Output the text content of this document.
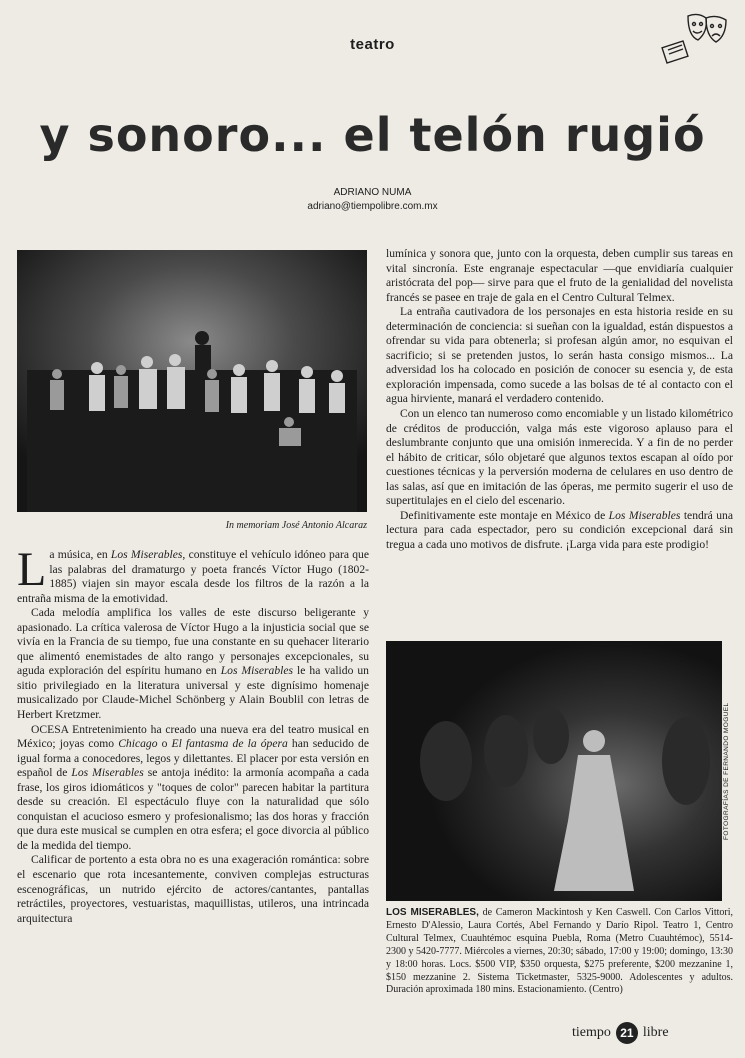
teatro
y sonoro... el telón rugió
ADRIANO NUMA
adriano@tiempolibre.com.mx
In memoriam José Antonio Alcaraz
FOTOGRAFÍAS DE FERNANDO MOGUEL

La música, en Los Miserables, constituye el vehículo idóneo para que las palabras del dramaturgo y poeta francés Víctor Hugo (1802-1885) viajen sin mayor escala desde los filtros de la razón a la entraña misma de la emotividad.

Cada melodía amplifica los valles de este discurso beligerante y apasionado. La crítica valerosa de Víctor Hugo a la injusticia social que se vivía en la Francia de su tiempo, fue una constante en su quehacer literario que alimentó enemistades de alto rango y personajes excepcionales, su aguda exploración del espíritu humano en Los Miserables le ha valido un sitio privilegiado en la literatura universal y este dignísimo homenaje musicalizado por Claude-Michel Schönberg y Alain Boublil con letras de Herbert Kretzmer.

OCESA Entretenimiento ha creado una nueva era del teatro musical en México; joyas como Chicago o El fantasma de la ópera han seducido de igual forma a conocedores, legos y dilettantes. El placer por esta versión en español de Los Miserables se antoja inédito: la armonía acompaña a cada frase, los giros idiomáticos y "toques de color" parecen habitar la partitura desde su creación. El espectáculo fluye con la naturalidad que sólo conquistan el acucioso esmero y profesionalismo; las dos horas y fracción que dura este musical se cumplen en otra esfera; el goce divorcia al público de la medida del tiempo.

Calificar de portento a esta obra no es una exageración romántica: sobre el escenario que rota incesantemente, conviven complejas estructuras escenográficas, un nutrido ejército de actores/cantantes, pantallas retráctiles, proyectores, vestuaristas, maquillistas, utileros, una intrincada arquitectura

lumínica y sonora que, junto con la orquesta, deben cumplir sus tareas en vital sincronía. Este engranaje espectacular —que envidiaría cualquier aristócrata del pop— sirve para que el fruto de la genialidad del novelista francés se pasee en traje de gala en el Centro Cultural Telmex.

La entraña cautivadora de los personajes en esta historia reside en su determinación de conciencia: si sueñan con la igualdad, están dispuestos a ofrendar su vida para obtenerla; si profesan algún amor, no esquivan el sacrificio; si se pretenden justos, lo serán hasta consigo mismos... La adversidad los ha colocado en posición de conocer su esencia y, de esta exploración impensada, como sucede a las bolsas de té al contacto con el agua hirviente, manará el verdadero contenido.

Con un elenco tan numeroso como encomiable y un listado kilométrico de créditos de producción, valga más este vigoroso aplauso para el deslumbrante conjunto que una omisión inmerecida. Y a fin de no perder el hábito de criticar, sólo objetaré que algunos textos escapan al oído por cuestiones técnicas y la perversión moderna de celulares en uso dentro de las salas, así que en imitación de las óperas, me permito sugerir el uso de supertitulajes en el cielo del escenario.

Definitivamente este montaje en México de Los Miserables tendrá una lectura para cada espectador, pero su condición excepcional dará sin tregua a cada uno motivos de disfrute. ¡Larga vida para este prodigio!

LOS MISERABLES, de Cameron Mackintosh y Ken Caswell. Con Carlos Vittori, Ernesto D'Alessio, Laura Cortés, Abel Fernando y Darío Ripol. Teatro 1, Centro Cultural Telmex, Cuauhtémoc esquina Puebla, Roma (Metro Cuauhtémoc), 5514-2300 y 5420-7777. Miércoles a viernes, 20:30; sábado, 17:00 y 19:00; domingo, 13:30 y 18:00 horas. Locs. $500 VIP, $350 orquesta, $275 preferente, $200 mezzanine 1, $150 mezzanine 2. Sistema Ticketmaster, 5325-9000. Adolescentes y adultos. Duración aproximada 180 mins. Estacionamiento. (Centro)
tiempo 21 libre
